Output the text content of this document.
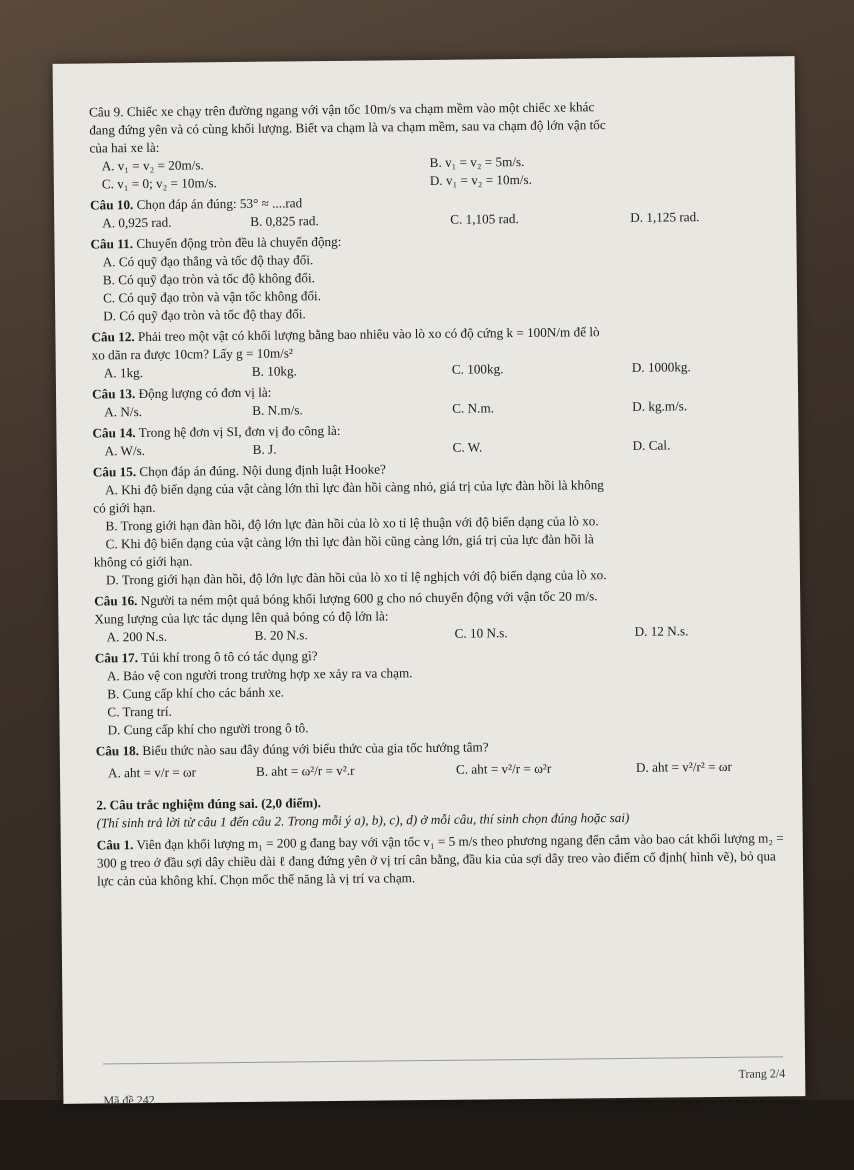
Câu 9. Chiếc xe chạy trên đường ngang với vận tốc 10m/s va chạm mềm vào một chiếc xe khác
đang đứng yên và có cùng khối lượng. Biết va chạm là va chạm mềm, sau va chạm độ lớn vận tốc
của hai xe là:
A. v₁ = v₂ = 20m/s.	B. v₁ = v₂ = 5m/s.
C. v₁ = 0; v₂ = 10m/s.	D. v₁ = v₂ = 10m/s.
Câu 10. Chọn đáp án đúng: 53° ≈ ....rad
A. 0,925 rad.	B. 0,825 rad.	C. 1,105 rad.	D. 1,125 rad.
Câu 11. Chuyển động tròn đều là chuyển động:
A. Có quỹ đạo thẳng và tốc độ thay đổi.
B. Có quỹ đạo tròn và tốc độ không đổi.
C. Có quỹ đạo tròn và vận tốc không đổi.
D. Có quỹ đạo tròn và tốc độ thay đổi.
Câu 12. Phải treo một vật có khối lượng bằng bao nhiêu vào lò xo có độ cứng k = 100N/m để lò
xo dãn ra được 10cm? Lấy g = 10m/s²
A. 1kg.	B. 10kg.	C. 100kg.	D. 1000kg.
Câu 13. Động lượng có đơn vị là:
A. N/s.	B. N.m/s.	C. N.m.	D. kg.m/s.
Câu 14. Trong hệ đơn vị SI, đơn vị đo công là:
A. W/s.	B. J.	C. W.	D. Cal.
Câu 15. Chọn đáp án đúng. Nội dung định luật Hooke?
A. Khi độ biến dạng của vật càng lớn thì lực đàn hồi càng nhỏ, giá trị của lực đàn hồi là không
có giới hạn.
B. Trong giới hạn đàn hồi, độ lớn lực đàn hồi của lò xo tỉ lệ thuận với độ biến dạng của lò xo.
C. Khi độ biến dạng của vật càng lớn thì lực đàn hồi cũng càng lớn, giá trị của lực đàn hồi là
không có giới hạn.
D. Trong giới hạn đàn hồi, độ lớn lực đàn hồi của lò xo tỉ lệ nghịch với độ biến dạng của lò xo.
Câu 16. Người ta ném một quả bóng khối lượng 600 g cho nó chuyển động với vận tốc 20 m/s.
Xung lượng của lực tác dụng lên quả bóng có độ lớn là:
A. 200 N.s.	B. 20 N.s.	C. 10 N.s.	D. 12 N.s.
Câu 17. Túi khí trong ô tô có tác dụng gì?
A. Bảo vệ con người trong trường hợp xe xảy ra va chạm.
B. Cung cấp khí cho các bánh xe.
C. Trang trí.
D. Cung cấp khí cho người trong ô tô.
Câu 18. Biểu thức nào sau đây đúng với biểu thức của gia tốc hướng tâm?
A. aht = v/r = ωr	B. aht = ω²/r = v².r	C. aht = v²/r = ω²r	D. aht = v²/r² = ωr
2. Câu trắc nghiệm đúng sai. (2,0 điểm).
(Thí sinh trả lời từ câu 1 đến câu 2. Trong mỗi ý a), b), c), d) ở mỗi câu, thí sinh chọn đúng hoặc sai)
Câu 1. Viên đạn khối lượng m₁ = 200 g đang bay với vận tốc v₁ = 5 m/s theo phương ngang đến cắm vào bao cát khối lượng m₂ = 300 g treo ở đầu sợi dây chiều dài ℓ đang đứng yên ở vị trí cân bằng, đầu kia của sợi dây treo vào điểm cố định( hình vẽ), bỏ qua lực cản của không khí. Chọn mốc thế năng là vị trí va chạm.
Trang 2/4
Mã đề 242
